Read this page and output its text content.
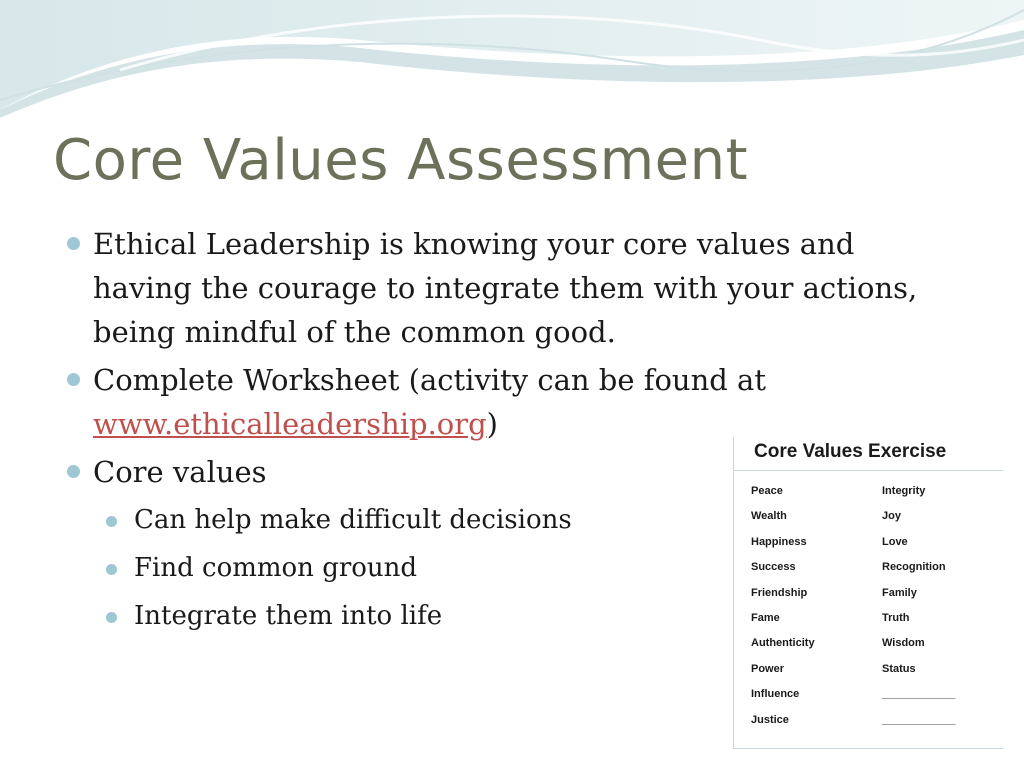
Core Values Assessment
Ethical Leadership is knowing your core values and having the courage to integrate them with your actions, being mindful of the common good.
Complete Worksheet (activity can be found at www.ethicalleadership.org)
Core values
Can help make difficult decisions
Find common ground
Integrate them into life
Core Values Exercise
Peace	Integrity
Wealth	Joy
Happiness	Love
Success	Recognition
Friendship	Family
Fame	Truth
Authenticity	Wisdom
Power	Status
Influence	____________
Justice	____________
